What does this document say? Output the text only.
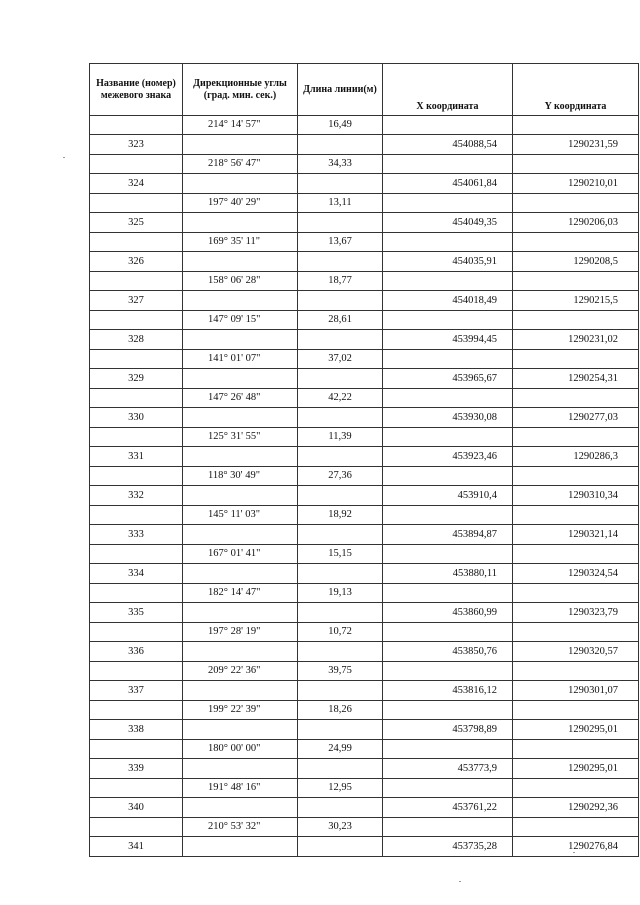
Название (номер) межевого знака	Дирекционные углы (град. мин. сек.)	Длина линии(м)	X координата	Y координата
	214° 14' 57"	16,49		
323			454088,54	1290231,59
	218° 56' 47"	34,33		
324			454061,84	1290210,01
	197° 40' 29"	13,11		
325			454049,35	1290206,03
	169° 35' 11"	13,67		
326			454035,91	1290208,5
	158° 06' 28"	18,77		
327			454018,49	1290215,5
	147° 09' 15"	28,61		
328			453994,45	1290231,02
	141° 01' 07"	37,02		
329			453965,67	1290254,31
	147° 26' 48"	42,22		
330			453930,08	1290277,03
	125° 31' 55"	11,39		
331			453923,46	1290286,3
	118° 30' 49"	27,36		
332			453910,4	1290310,34
	145° 11' 03"	18,92		
333			453894,87	1290321,14
	167° 01' 41"	15,15		
334			453880,11	1290324,54
	182° 14' 47"	19,13		
335			453860,99	1290323,79
	197° 28' 19"	10,72		
336			453850,76	1290320,57
	209° 22' 36"	39,75		
337			453816,12	1290301,07
	199° 22' 39"	18,26		
338			453798,89	1290295,01
	180° 00' 00"	24,99		
339			453773,9	1290295,01
	191° 48' 16"	12,95		
340			453761,22	1290292,36
	210° 53' 32"	30,23		
341			453735,28	1290276,84
